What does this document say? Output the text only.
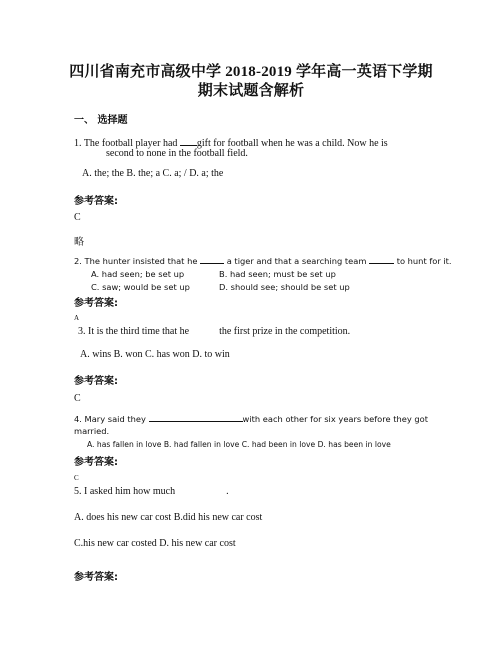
四川省南充市高级中学 2018-2019 学年高一英语下学期
期末试题含解析
一、 选择题
1. The football player had gift for football when he was a child. Now he is
second to none in the football field.
A. the; the B. the; a C. a; / D. a; the
参考答案:
C
略
2. The hunter insisted that he	a tiger and that a searching team	to hunt for it.
A. had seen; be set up	B. had seen; must be set up
C. saw; would be set up	D. should see; should be set up
参考答案:
A
3. It is the third time that he	the first prize in the competition.
A. wins B. won C. has won D. to win
参考答案:
C
4. Mary said they	with each other for six years before they got
married.
A. has fallen in love B. had fallen in love C. had been in love D. has been in love
参考答案:
C
5. I asked him how much	.
A. does his new car cost B.did his new car cost
C.his new car costed D. his new car cost
参考答案:
